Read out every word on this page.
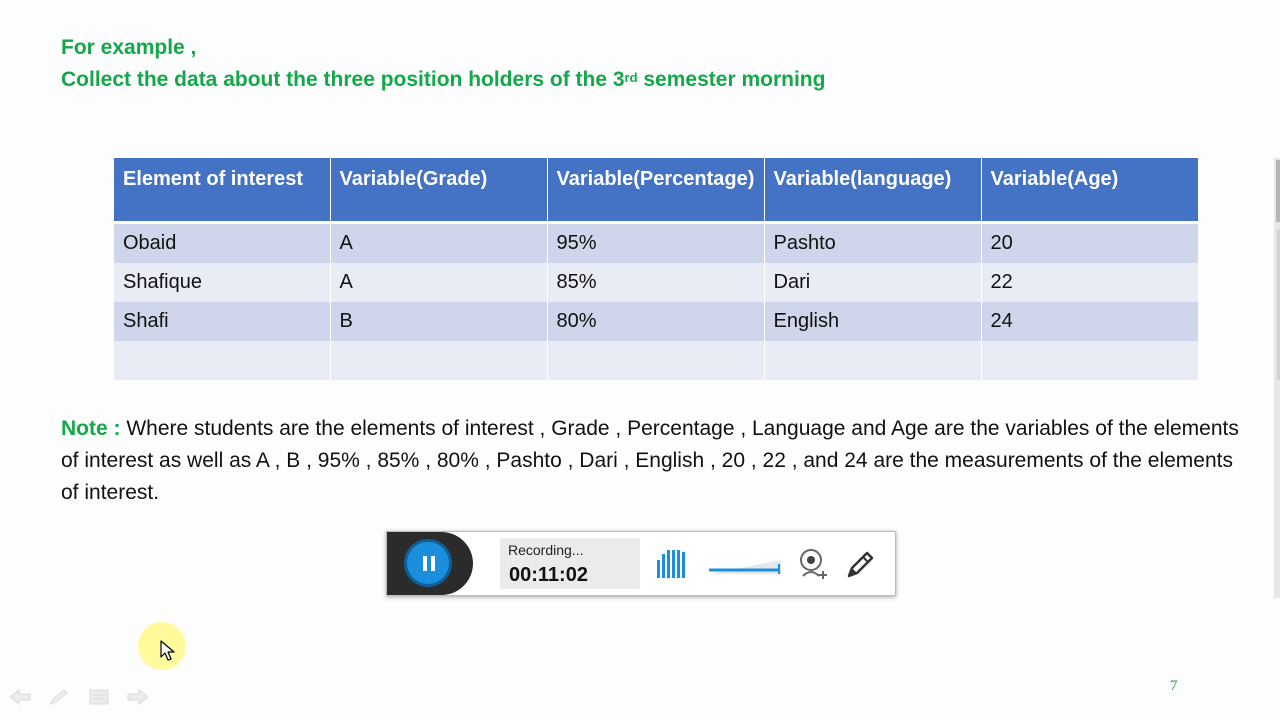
For example ,
Collect the data about the three position holders of the 3rd semester morning
Element of interest	Variable(Grade)	Variable(Percentage)	Variable(language)	Variable(Age)
Obaid	A	95%	Pashto	20
Shafique	A	85%	Dari	22
Shafi	B	80%	English	24

Note : Where students are the elements of interest , Grade , Percentage , Language and Age are the variables of the elements of interest as well as A , B , 95% , 85% , 80% , Pashto , Dari , English , 20 , 22 , and 24 are the measurements of the elements of interest.
Recording...
00:11:02
7
